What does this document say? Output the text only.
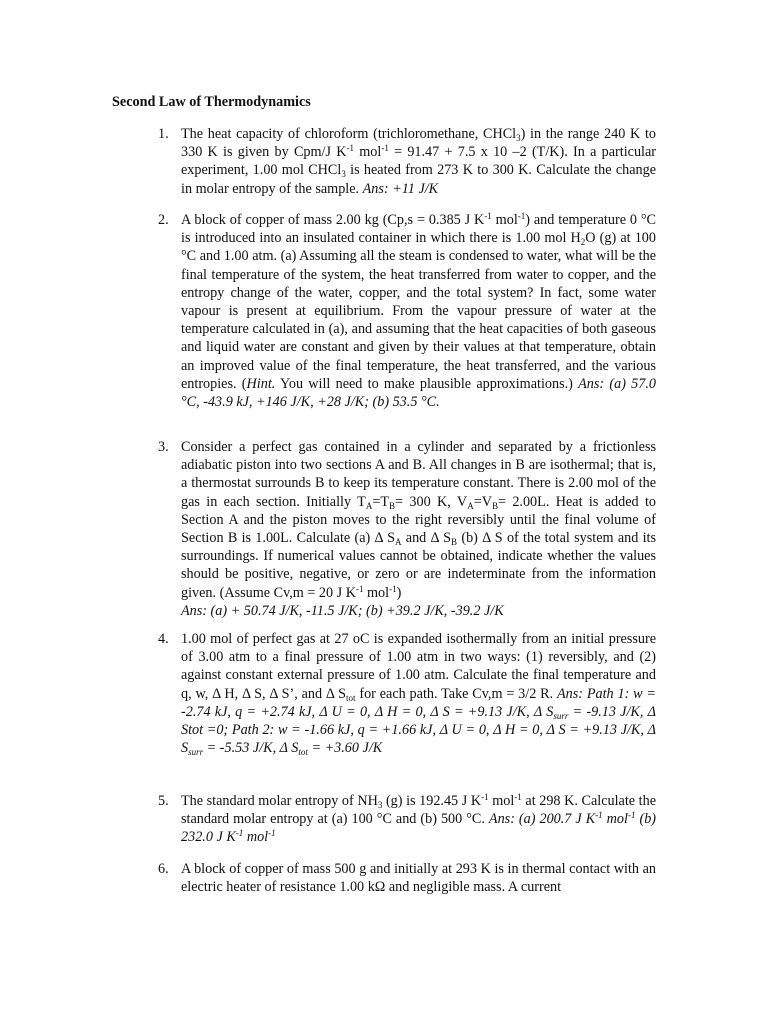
Second Law of Thermodynamics
1. The heat capacity of chloroform (trichloromethane, CHCl$_3$) in the range 240 K to 330 K is given by Cpm/J $K^{-1}$ mol$^{-1}$ = 91.47 + 7.5 x 10 –2 (T/K). In a particular experiment, 1.00 mol CHCl$_3$ is heated from 273 K to 300 K. Calculate the change in molar entropy of the sample. Ans: +11 J/K
2. A block of copper of mass 2.00 kg (Cp,s = 0.385 J $K^{-1}$ mol$^{-1}$) and temperature 0 °C is introduced into an insulated container in which there is 1.00 mol $H_2O$ (g) at 100 °C and 1.00 atm. (a) Assuming all the steam is condensed to water, what will be the final temperature of the system, the heat transferred from water to copper, and the entropy change of the water, copper, and the total system? In fact, some water vapour is present at equilibrium. From the vapour pressure of water at the temperature calculated in (a), and assuming that the heat capacities of both gaseous and liquid water are constant and given by their values at that temperature, obtain an improved value of the final temperature, the heat transferred, and the various entropies. (Hint. You will need to make plausible approximations.) Ans: (a) 57.0 °C, -43.9 kJ, +146 J/K, +28 J/K; (b) 53.5 °C.
3. Consider a perfect gas contained in a cylinder and separated by a frictionless adiabatic piston into two sections A and B. All changes in B are isothermal; that is, a thermostat surrounds B to keep its temperature constant. There is 2.00 mol of the gas in each section. Initially $T_A=T_B= 300$ K, $V_A=V_B= 2.00L$. Heat is added to Section A and the piston moves to the right reversibly until the final volume of Section B is 1.00L. Calculate (a) Δ $S_A$ and Δ $S_B$ (b) Δ S of the total system and its surroundings. If numerical values cannot be obtained, indicate whether the values should be positive, negative, or zero or are indeterminate from the information given. (Assume Cv,m = 20 J $K^{-1}$ mol$^{-1}$)
Ans: (a) + 50.74 J/K, -11.5 J/K; (b) +39.2 J/K, -39.2 J/K
4. 1.00 mol of perfect gas at 27 oC is expanded isothermally from an initial pressure of 3.00 atm to a final pressure of 1.00 atm in two ways: (1) reversibly, and (2) against constant external pressure of 1.00 atm. Calculate the final temperature and q, w, Δ H, Δ S, Δ S’, and Δ $S_{tot}$ for each path. Take Cv,m = 3/2 R. Ans: Path 1: w = -2.74 kJ, q = +2.74 kJ, Δ U = 0, Δ H = 0, Δ S = +9.13 J/K, Δ $S_{surr} = -9.13$ J/K, Δ Stot =0; Path 2: w = -1.66 kJ, q = +1.66 kJ, Δ U = 0, Δ H = 0, Δ S = +9.13 J/K, Δ $S_{surr} = -5.53$ J/K, Δ $S_{tot} = +3.60$ J/K
5. The standard molar entropy of $NH_3$ (g) is 192.45 J $K^{-1}$ mol$^{-1}$ at 298 K. Calculate the standard molar entropy at (a) 100 °C and (b) 500 °C. Ans: (a) 200.7 J $K^{-1}$ mol$^{-1}$ (b) 232.0 J $K^{-1}$ mol$^{-1}$
6. A block of copper of mass 500 g and initially at 293 K is in thermal contact with an electric heater of resistance 1.00 kΩ and negligible mass. A current
